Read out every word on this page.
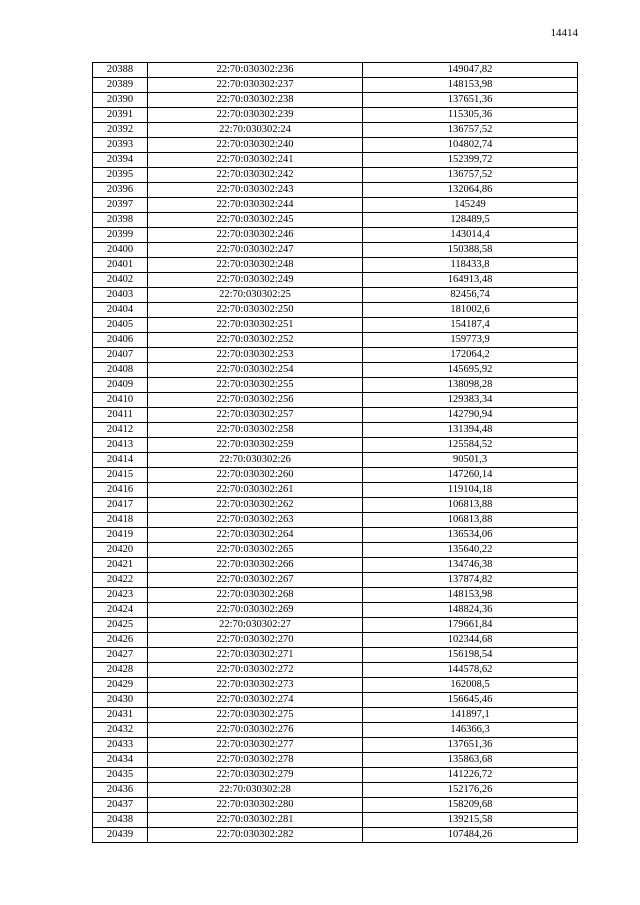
14414
20388	22:70:030302:236	149047,82
20389	22:70:030302:237	148153,98
20390	22:70:030302:238	137651,36
20391	22:70:030302:239	115305,36
20392	22:70:030302:24	136757,52
20393	22:70:030302:240	104802,74
20394	22:70:030302:241	152399,72
20395	22:70:030302:242	136757,52
20396	22:70:030302:243	132064,86
20397	22:70:030302:244	145249
20398	22:70:030302:245	128489,5
20399	22:70:030302:246	143014,4
20400	22:70:030302:247	150388,58
20401	22:70:030302:248	118433,8
20402	22:70:030302:249	164913,48
20403	22:70:030302:25	82456,74
20404	22:70:030302:250	181002,6
20405	22:70:030302:251	154187,4
20406	22:70:030302:252	159773,9
20407	22:70:030302:253	172064,2
20408	22:70:030302:254	145695,92
20409	22:70:030302:255	138098,28
20410	22:70:030302:256	129383,34
20411	22:70:030302:257	142790,94
20412	22:70:030302:258	131394,48
20413	22:70:030302:259	125584,52
20414	22:70:030302:26	90501,3
20415	22:70:030302:260	147260,14
20416	22:70:030302:261	119104,18
20417	22:70:030302:262	106813,88
20418	22:70:030302:263	106813,88
20419	22:70:030302:264	136534,06
20420	22:70:030302:265	135640,22
20421	22:70:030302:266	134746,38
20422	22:70:030302:267	137874,82
20423	22:70:030302:268	148153,98
20424	22:70:030302:269	148824,36
20425	22:70:030302:27	179661,84
20426	22:70:030302:270	102344,68
20427	22:70:030302:271	156198,54
20428	22:70:030302:272	144578,62
20429	22:70:030302:273	162008,5
20430	22:70:030302:274	156645,46
20431	22:70:030302:275	141897,1
20432	22:70:030302:276	146366,3
20433	22:70:030302:277	137651,36
20434	22:70:030302:278	135863,68
20435	22:70:030302:279	141226,72
20436	22:70:030302:28	152176,26
20437	22:70:030302:280	158209,68
20438	22:70:030302:281	139215,58
20439	22:70:030302:282	107484,26
